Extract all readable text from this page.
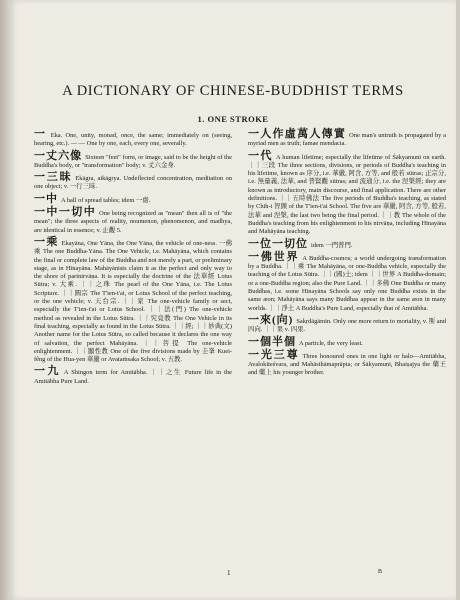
A DICTIONARY OF CHINESE-BUDDHIST TERMS
1. ONE STROKE
一 Eka. One, unity, monad, once, the same; immediately on (seeing, hearing, etc.). — — One by one, each, every one, severally.
一丈六像 Sixteen "feet" form, or image, said to be the height of the Buddha's body, or "transformation" body; v. 丈六金身.
一三昧 Ekāgra, aikāgrya. Undeflected concentration, meditation on one object; v. 一行三昧.
一中 A hall of spread tables; idem 一齋.
一中一切中 One being recognized as "mean" then all is of "the mean"; the three aspects of reality, noumenon, phenomenon, and madhya, are identical in essence; v. 止觀 5.
一乘 Ekayāna, One Yāna, the One Yāna, the vehicle of one-ness. 一佛乘 The one Buddha-Yāna. The One Vehicle, i.e. Mahāyāna, which contains the final or complete law of the Buddha and not merely a part, or preliminary stage, as in Hīnayāna. Mahāyānists claim it as the perfect and only way to the shore of parinirvāṇa. It is especially the doctrine of the 法華經 Lotus Sūtra; v. 大乘. ｜｜之珠 The pearl of the One Yāna, i.e. The Lotus Scripture. ｜｜圓宗 The T'ien-t'ai, or Lotus School of the perfect teaching, or the one vehicle; v. 天台宗. ｜｜家 The one-vehicle family or sect, especially the T'ien-t'ai or Lotus School. ｜｜法(門) The one-vehicle method as revealed in the Lotus Sūtra. ｜｜究竟教 The One Vehicle in its final teaching, especially as found in the Lotus Sūtra. ｜｜經; ｜｜妙典(文) Another name for the Lotus Sūtra, so called because it declares the one way of salvation, the perfect Mahāyāna. ｜｜菩提 The one-vehicle enlightenment. ｜｜顯性教 One of the five divisions made by 圭峯 Kuei-fêng of the Hua-yen 華嚴 or Avataṁsaka School; v. 五教.
一九 A Shingon term for Amitābha. ｜｜之生 Future life in the Amitābha Pure Land.
一人作虛萬人傳實 One man's untruth is propagated by a myriad men as truth; famae mendacia.
一代 A human lifetime; especially the lifetime of Śākyamuni on earth. ｜｜三段 The three sections, divisions, or periods of Buddha's teaching in his lifetime, known as 序分, i.e. 華嚴, 阿含, 方等, and 般若 sūtras; 正宗分, i.e. 無量義, 法華, and 普賢觀 sūtras; and 流通分, i.e. the 涅槃經; they are known as introductory, main discourse, and final application. There are other definitions. ｜｜五時佛法 The five periods of Buddha's teaching, as stated by Chih-i 智顗 of the T'ien-t'ai School. The five are 華嚴, 阿含, 方等, 般若, 法華 and 涅槃, the last two being the final period. ｜｜教 The whole of the Buddha's teaching from his enlightenment to his nirvāṇa, including Hīnayāna and Mahāyāna teaching.
一位一切位 idem 一門普門.
一佛世界 A Buddha-cosmos; a world undergoing transformation by a Buddha. ｜｜乘 The Mahāyāna, or one-Buddha vehicle, especially the teaching of the Lotus Sūtra. ｜｜(國)土; idem ｜｜世界 A Buddha-domain; or a one-Buddha region; also the Pure Land. ｜｜多佛 One Buddha or many Buddhas, i.e. some Hīnayāna Schools say only one Buddha exists in the same æon; Mahāyāna says many Buddhas appear in the same æon in many worlds. ｜｜淨土 A Buddha's Pure Land, especially that of Amitābha.
一來(向) Sakṛdāgāmin. Only one more return to mortality, v. 斯 and 四向. ｜｜果 v. 四果.
一個半個 A particle, the very least.
一光三尊 Three honoured ones in one light or halo—Amitābha, Avalokiteśvara, and Mahāsthāmaprāpta; or Śākyamuni, Bhaiṣajya the 藥王 and 藥上 his younger brother.
1	B
